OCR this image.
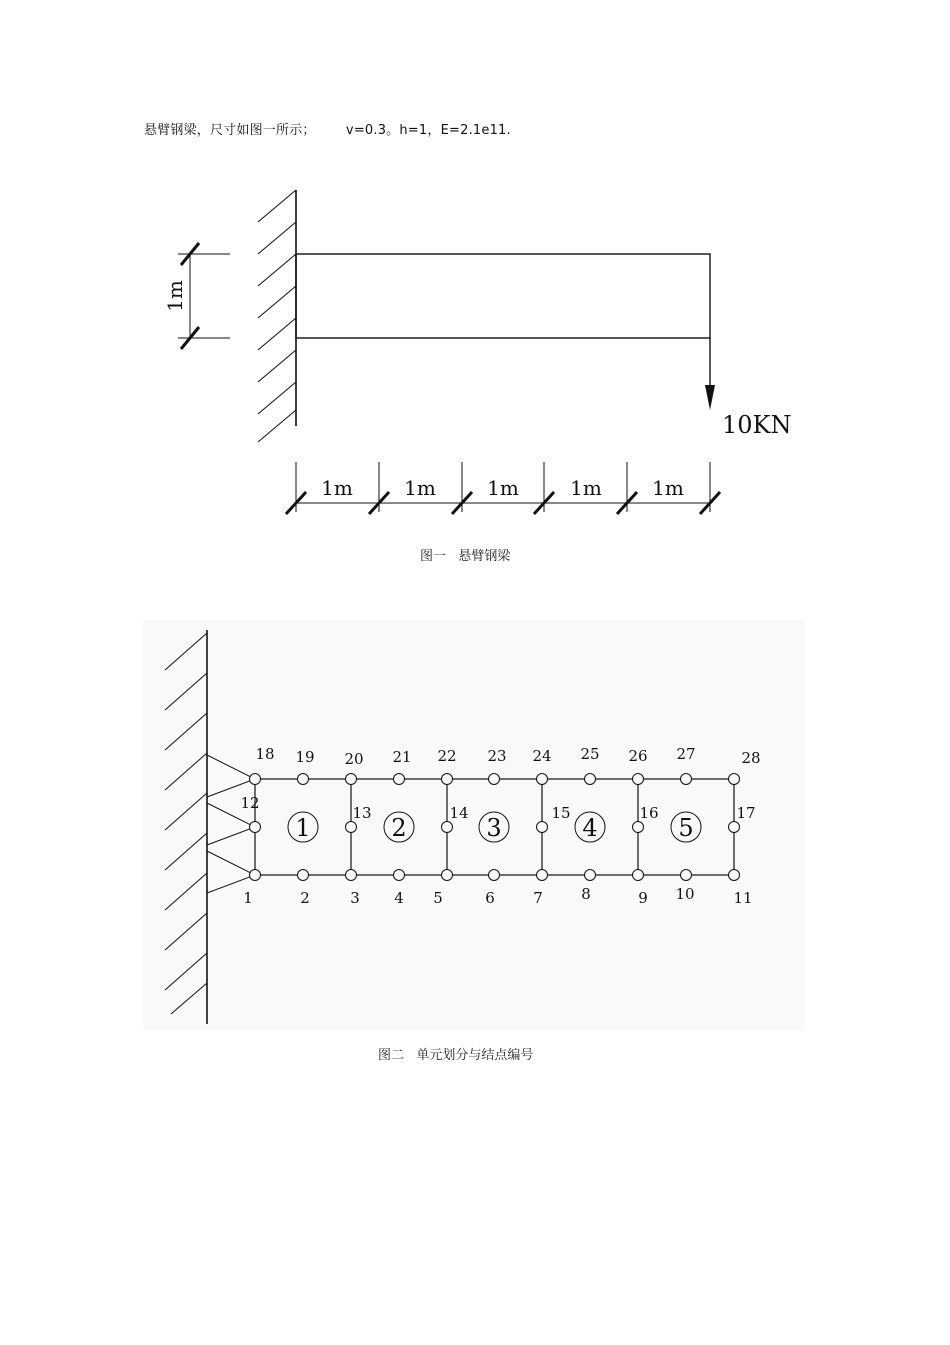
悬臂钢梁，尺寸如图一所示；       v=0.3。h=1，E=2.1e11.
1m
1m	1m	1m	1m	1m
10KN
1	2	3	4	5
18 19 20 21 22 23 24 25 26 27	28
12
13	14	15	16	17
1	2	3 4 5	6	7	8	9 10	11
图一   悬臂钢梁
图二   单元划分与结点编号
